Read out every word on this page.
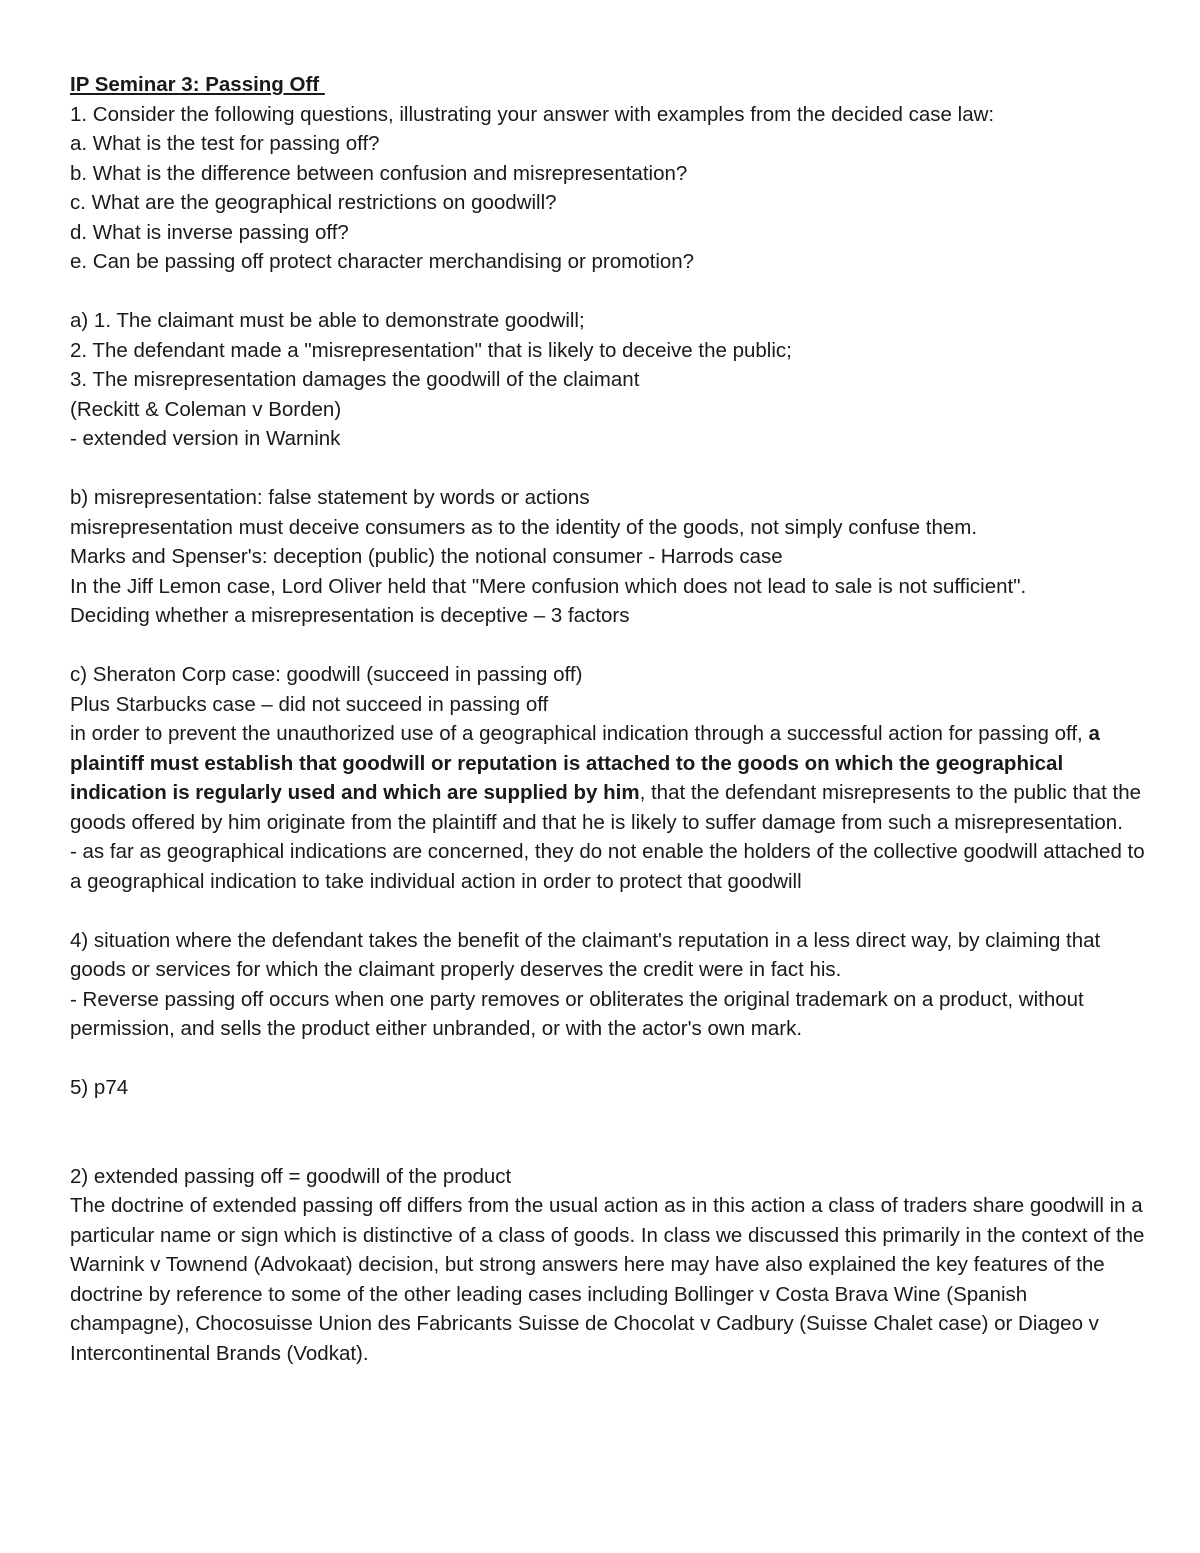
IP Seminar 3: Passing Off
1. Consider the following questions, illustrating your answer with examples from the decided case law:
a. What is the test for passing off?
b. What is the difference between confusion and misrepresentation?
c. What are the geographical restrictions on goodwill?
d. What is inverse passing off?
e. Can be passing off protect character merchandising or promotion?
a) 1. The claimant must be able to demonstrate goodwill;
2. The defendant made a "misrepresentation" that is likely to deceive the public;
3. The misrepresentation damages the goodwill of the claimant
(Reckitt & Coleman v Borden)
- extended version in Warnink
b) misrepresentation: false statement by words or actions
misrepresentation must deceive consumers as to the identity of the goods, not simply confuse them.
Marks and Spenser's: deception (public) the notional consumer - Harrods case
In the Jiff Lemon case, Lord Oliver held that "Mere confusion which does not lead to sale is not sufficient".
Deciding whether a misrepresentation is deceptive – 3 factors
c) Sheraton Corp case: goodwill (succeed in passing off)
Plus Starbucks case – did not succeed in passing off
in order to prevent the unauthorized use of a geographical indication through a successful action for passing off, a plaintiff must establish that goodwill or reputation is attached to the goods on which the geographical indication is regularly used and which are supplied by him, that the defendant misrepresents to the public that the goods offered by him originate from the plaintiff and that he is likely to suffer damage from such a misrepresentation.
- as far as geographical indications are concerned, they do not enable the holders of the collective goodwill attached to a geographical indication to take individual action in order to protect that goodwill
4) situation where the defendant takes the benefit of the claimant's reputation in a less direct way, by claiming that goods or services for which the claimant properly deserves the credit were in fact his.
- Reverse passing off occurs when one party removes or obliterates the original trademark on a product, without permission, and sells the product either unbranded, or with the actor's own mark.
5) p74
2) extended passing off = goodwill of the product
The doctrine of extended passing off differs from the usual action as in this action a class of traders share goodwill in a particular name or sign which is distinctive of a class of goods. In class we discussed this primarily in the context of the Warnink v Townend (Advokaat) decision, but strong answers here may have also explained the key features of the doctrine by reference to some of the other leading cases including Bollinger v Costa Brava Wine (Spanish champagne), Chocosuisse Union des Fabricants Suisse de Chocolat v Cadbury (Suisse Chalet case) or Diageo v Intercontinental Brands (Vodkat).
